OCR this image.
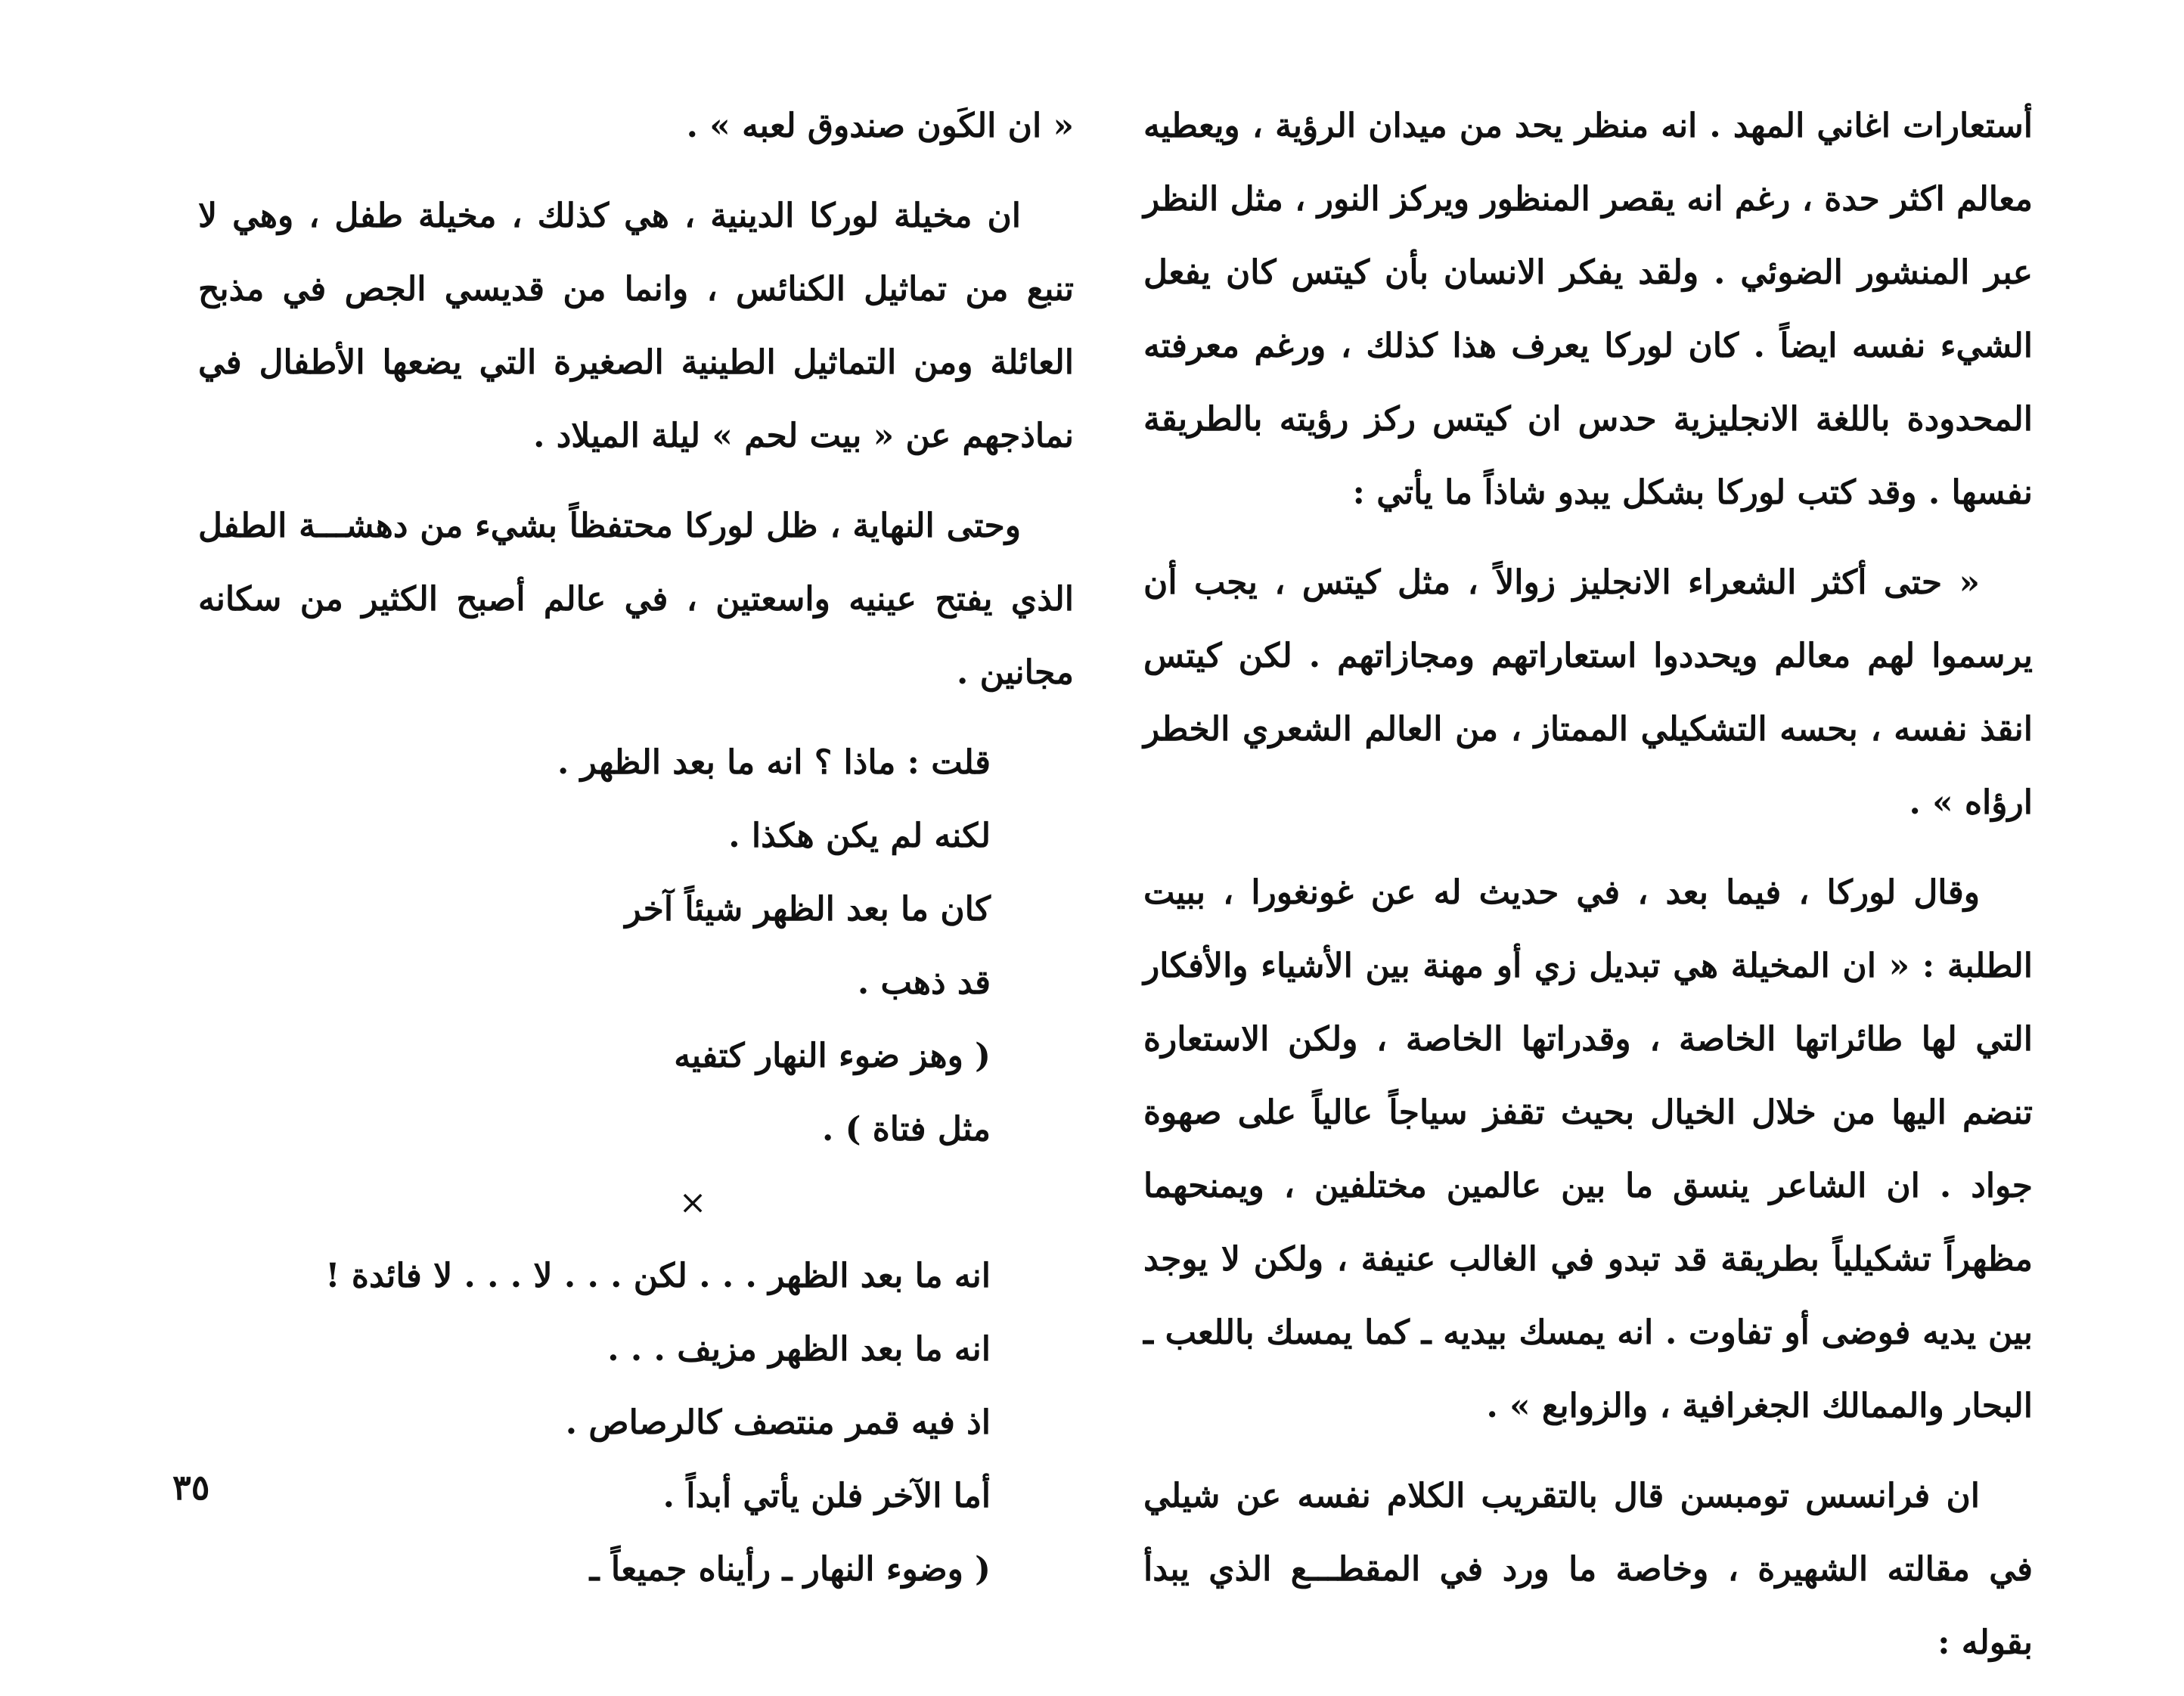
« ان الكَون صندوق لعبه » .

ان مخيلة لوركا الدينية ، هي كذلك ، مخيلة طفل ، وهي لا تنبع من تماثيل الكنائس ، وانما من قديسي الجص في مذبح العائلة ومن التماثيل الطينية الصغيرة التي يضعها الأطفال في نماذجهم عن « بيت لحم » ليلة الميلاد .

وحتى النهاية ، ظل لوركا محتفظاً بشيء من دهشـــة الطفل الذي يفتح عينيه واسعتين ، في عالم أصبح الكثير من سكانه مجانين .

قلت : ماذا ؟ انه ما بعد الظهر .
لكنه لم يكن هكذا .
كان ما بعد الظهر شيئاً آخر
قد ذهب .
( وهز ضوء النهار كتفيه
مثل فتاة ) .
×
انه ما بعد الظهر . . . لكن . . . لا . . . لا فائدة !
انه ما بعد الظهر مزيف . . .
اذ فيه قمر منتصف كالرصاص .
أما الآخر فلن يأتي أبداً .
( وضوء النهار ـ رأيناه جميعاً ـ
٣٥

أستعارات اغاني المهد . انه منظر يحد من ميدان الرؤية ، ويعطيه معالم اكثر حدة ، رغم انه يقصر المنظور ويركز النور ، مثل النظر عبر المنشور الضوئي . ولقد يفكر الانسان بأن كيتس كان يفعل الشيء نفسه ايضاً . كان لوركا يعرف هذا كذلك ، ورغم معرفته المحدودة باللغة الانجليزية حدس ان كيتس ركز رؤيته بالطريقة نفسها . وقد كتب لوركا بشكل يبدو شاذاً ما يأتي :

« حتى أكثر الشعراء الانجليز زوالاً ، مثل كيتس ، يجب أن يرسموا لهم معالم ويحددوا استعاراتهم ومجازاتهم . لكن كيتس انقذ نفسه ، بحسه التشكيلي الممتاز ، من العالم الشعري الخطر ارؤاه » .

وقال لوركا ، فيما بعد ، في حديث له عن غونغورا ، ببيت الطلبة : « ان المخيلة هي تبديل زي أو مهنة بين الأشياء والأفكار التي لها طائراتها الخاصة ، وقدراتها الخاصة ، ولكن الاستعارة تنضم اليها من خلال الخيال بحيث تقفز سياجاً عالياً على صهوة جواد . ان الشاعر ينسق ما بين عالمين مختلفين ، ويمنحهما مظهراً تشكيلياً بطريقة قد تبدو في الغالب عنيفة ، ولكن لا يوجد بين يديه فوضى أو تفاوت . انه يمسك بيديه ـ كما يمسك باللعب ـ البحار والممالك الجغرافية ، والزوابع » .

ان فرانسس تومبسن قال بالتقريب الكلام نفسه عن شيلي في مقالته الشهيرة ، وخاصة ما ورد في المقطـــع الذي يبدأ بقوله :
